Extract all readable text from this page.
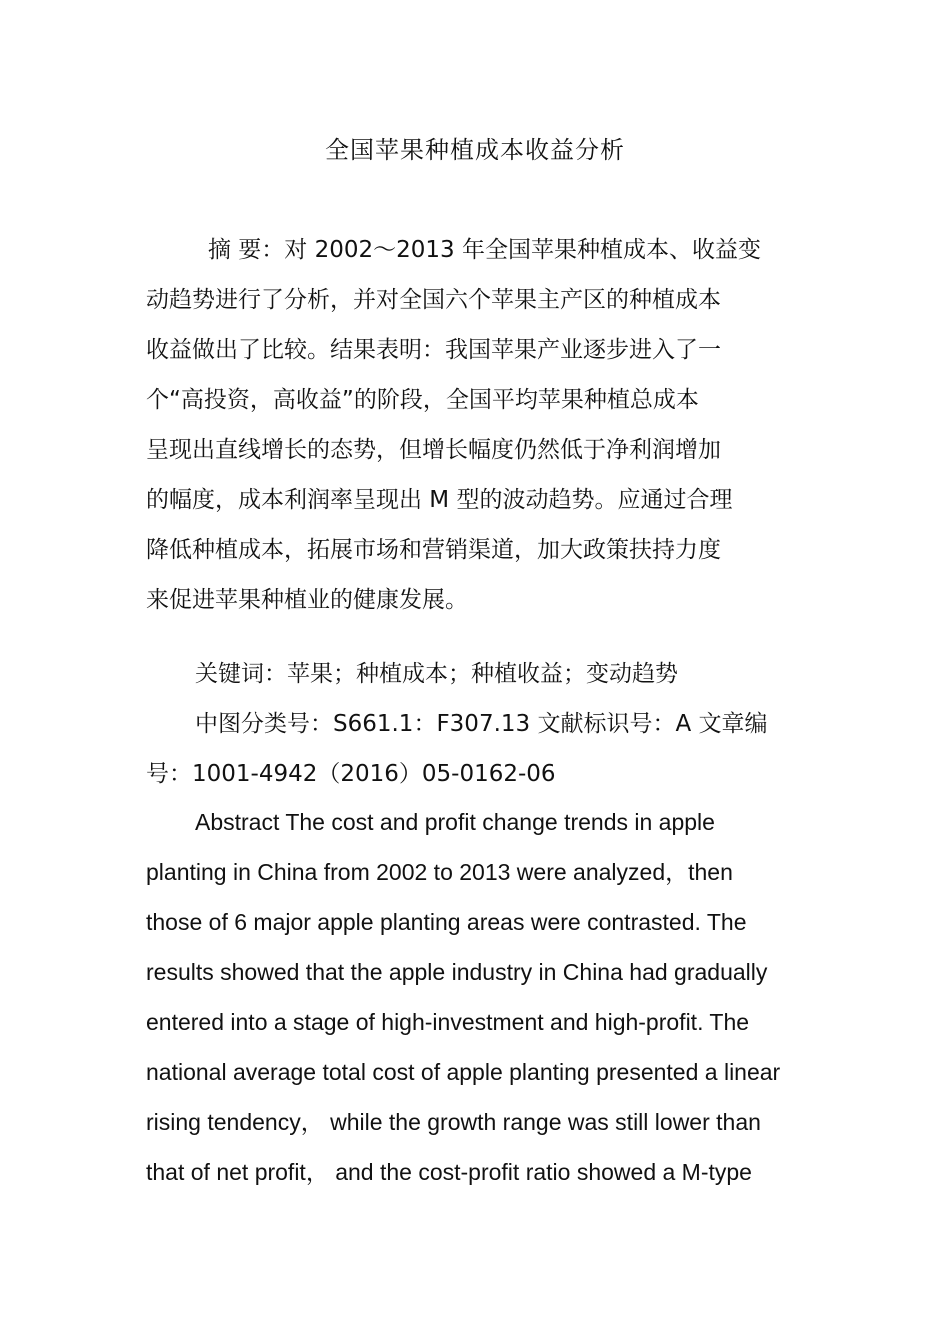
全国苹果种植成本收益分析
摘 要：对 2002～2013 年全国苹果种植成本、收益变
动趋势进行了分析，并对全国六个苹果主产区的种植成本
收益做出了比较。结果表明：我国苹果产业逐步进入了一
个“高投资，高收益”的阶段，全国平均苹果种植总成本
呈现出直线增长的态势，但增长幅度仍然低于净利润增加
的幅度，成本利润率呈现出 M 型的波动趋势。应通过合理
降低种植成本，拓展市场和营销渠道，加大政策扶持力度
来促进苹果种植业的健康发展。
关键词：苹果；种植成本；种植收益；变动趋势
中图分类号：S661.1：F307.13 文献标识号：A 文章编
号：1001-4942（2016）05-0162-06
Abstract The cost and profit change trends in apple
planting in China from 2002 to 2013 were analyzed，then
those of 6 major apple planting areas were contrasted. The
results showed that the apple industry in China had gradually
entered into a stage of high-investment and high-profit. The
national average total cost of apple planting presented a linear
rising tendency， while the growth range was still lower than
that of net profit， and the cost-profit ratio showed a M-type
